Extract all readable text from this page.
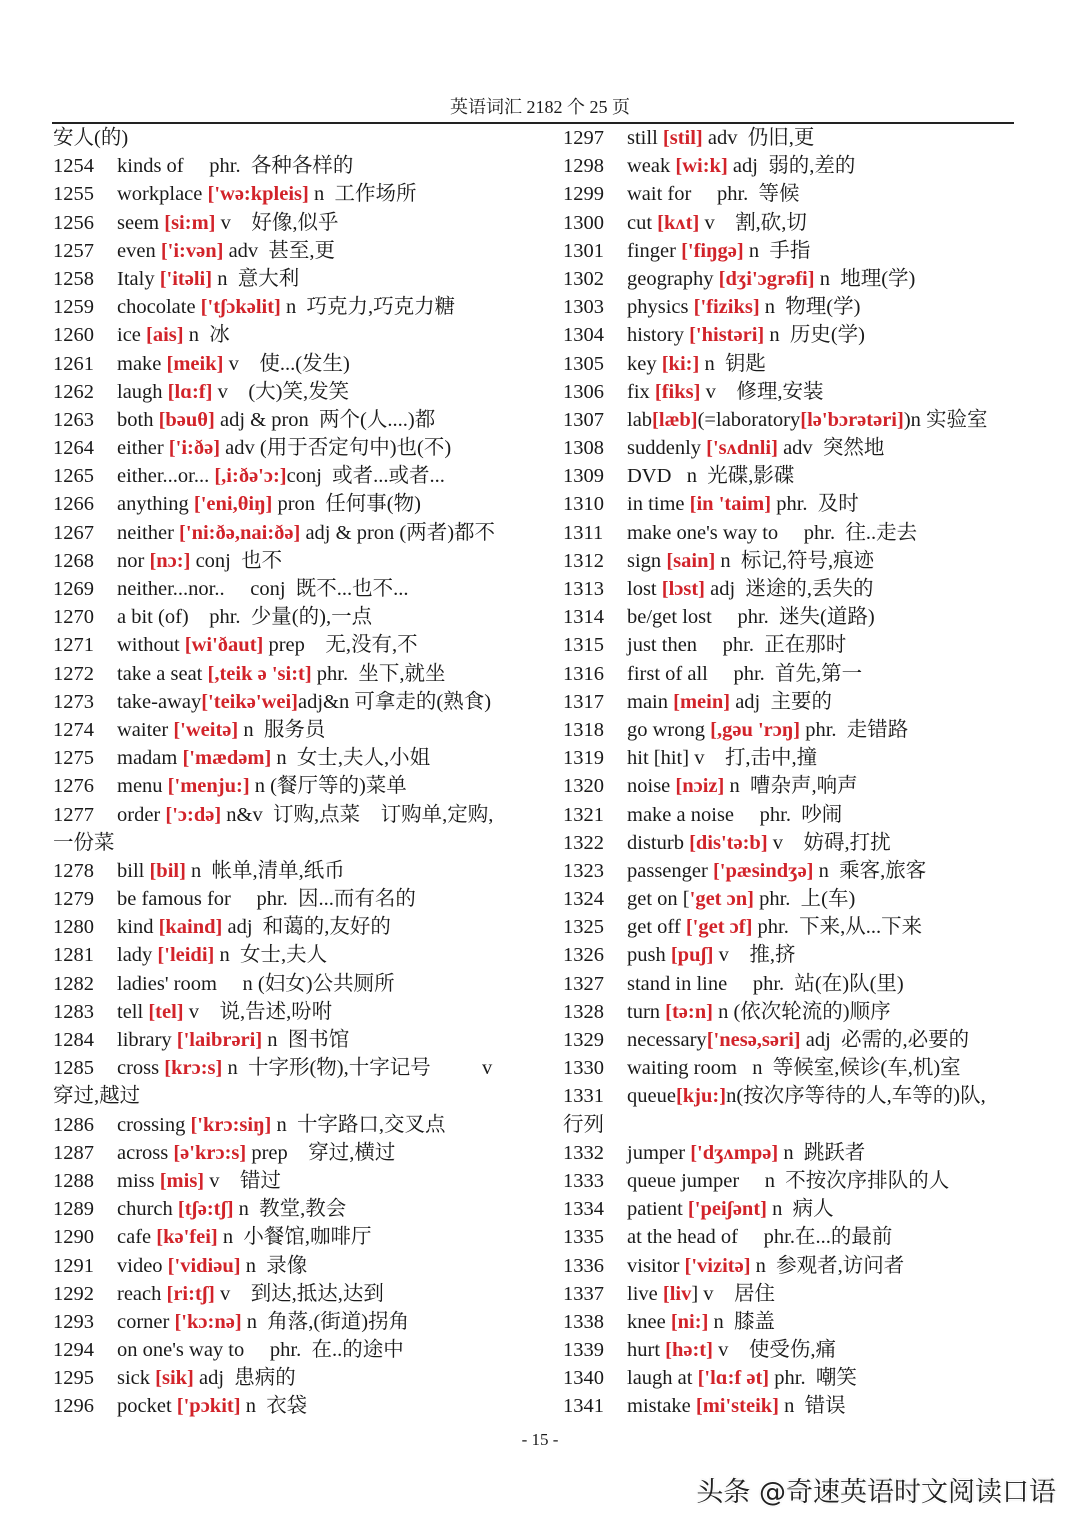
英语词汇 2182 个 25 页
安人(的)
1254 kinds of     phr.  各种各样的
1255 workplace ['wə:kpleis] n  工作场所
1256 seem [si:m] v    好像,似乎
1257 even ['i:vən] adv  甚至,更
1258 Italy ['itəli] n  意大利
1259 chocolate ['tʃɔkəlit] n  巧克力,巧克力糖
1260 ice [ais] n  冰
1261 make [meik] v    使...(发生)
1262 laugh [lɑ:f] v    (大)笑,发笑
1263 both [bəuθ] adj & pron  两个(人....)都
1264 either ['i:ðə] adv (用于否定句中)也(不)
1265 either...or... [,i:ðə'ɔ:]conj  或者...或者...
1266 anything ['eni,θiŋ] pron  任何事(物)
1267 neither ['ni:ðə,nai:ðə] adj & pron (两者)都不
1268 nor [nɔ:] conj  也不
1269 neither...nor..     conj  既不...也不...
1270 a bit (of)    phr.  少量(的),一点
1271 without [wi'ðaut] prep    无,没有,不
1272 take a seat [,teik ə 'si:t] phr.  坐下,就坐
1273 take-away['teikə'wei]adj&n 可拿走的(熟食)
1274 waiter ['weitə] n  服务员
1275 madam ['mædəm] n  女士,夫人,小姐
1276 menu ['menju:] n (餐厅等的)菜单
1277 order ['ɔ:də] n&v  订购,点菜    订购单,定购,
一份菜
1278 bill [bil] n  帐单,清单,纸币
1279 be famous for     phr.  因...而有名的
1280 kind [kaind] adj  和蔼的,友好的
1281 lady ['leidi] n  女士,夫人
1282 ladies' room     n (妇女)公共厕所
1283 tell [tel] v    说,告述,吩咐
1284 library ['laibrəri] n  图书馆
1285 cross [krɔ:s] n  十字形(物),十字记号          v
穿过,越过
1286 crossing ['krɔ:siŋ] n  十字路口,交叉点
1287 across [ə'krɔ:s] prep    穿过,横过
1288 miss [mis] v    错过
1289 church [tʃə:tʃ] n  教堂,教会
1290 cafe [kə'fei] n  小餐馆,咖啡厅
1291 video ['vidiəu] n  录像
1292 reach [ri:tʃ] v    到达,抵达,达到
1293 corner ['kɔ:nə] n  角落,(街道)拐角
1294 on one's way to     phr.  在..的途中
1295 sick [sik] adj  患病的
1296 pocket ['pɔkit] n  衣袋
1297 still [stil] adv  仍旧,更
1298 weak [wi:k] adj  弱的,差的
1299 wait for     phr.  等候
1300 cut [kʌt] v    割,砍,切
1301 finger ['fiŋgə] n  手指
1302 geography [dʒi'ɔgrəfi] n  地理(学)
1303 physics ['fiziks] n  物理(学)
1304 history ['histəri] n  历史(学)
1305 key [ki:] n  钥匙
1306 fix [fiks] v    修理,安装
1307 lab[læb](=laboratory[lə'bɔrətəri])n 实验室
1308 suddenly ['sʌdnli] adv  突然地
1309 DVD   n  光碟,影碟
1310 in time [in 'taim] phr.  及时
1311 make one's way to     phr.  往..走去
1312 sign [sain] n  标记,符号,痕迹
1313 lost [lɔst] adj  迷途的,丢失的
1314 be/get lost     phr.  迷失(道路)
1315 just then     phr.  正在那时
1316 first of all     phr.  首先,第一
1317 main [mein] adj  主要的
1318 go wrong [,gəu 'rɔŋ] phr.  走错路
1319 hit [hit] v    打,击中,撞
1320 noise [nɔiz] n  嘈杂声,响声
1321 make a noise     phr.  吵闹
1322 disturb [dis'tə:b] v    妨碍,打扰
1323 passenger ['pæsindʒə] n  乘客,旅客
1324 get on ['get ɔn] phr.  上(车)
1325 get off ['get ɔf] phr.  下来,从...下来
1326 push [puʃ] v    推,挤
1327 stand in line     phr.  站(在)队(里)
1328 turn [tə:n] n (依次轮流的)顺序
1329 necessary['nesə,səri] adj  必需的,必要的
1330 waiting room   n  等候室,候诊(车,机)室
1331 queue[kju:]n(按次序等待的人,车等的)队,
行列
1332 jumper ['dʒʌmpə] n  跳跃者
1333 queue jumper     n  不按次序排队的人
1334 patient ['peiʃənt] n  病人
1335 at the head of     phr.在...的最前
1336 visitor ['vizitə] n  参观者,访问者
1337 live [liv] v    居住
1338 knee [ni:] n  膝盖
1339 hurt [hə:t] v    使受伤,痛
1340 laugh at ['lɑ:f ət] phr.  嘲笑
1341 mistake [mi'steik] n  错误
- 15 -
头条 @奇速英语时文阅读口语
